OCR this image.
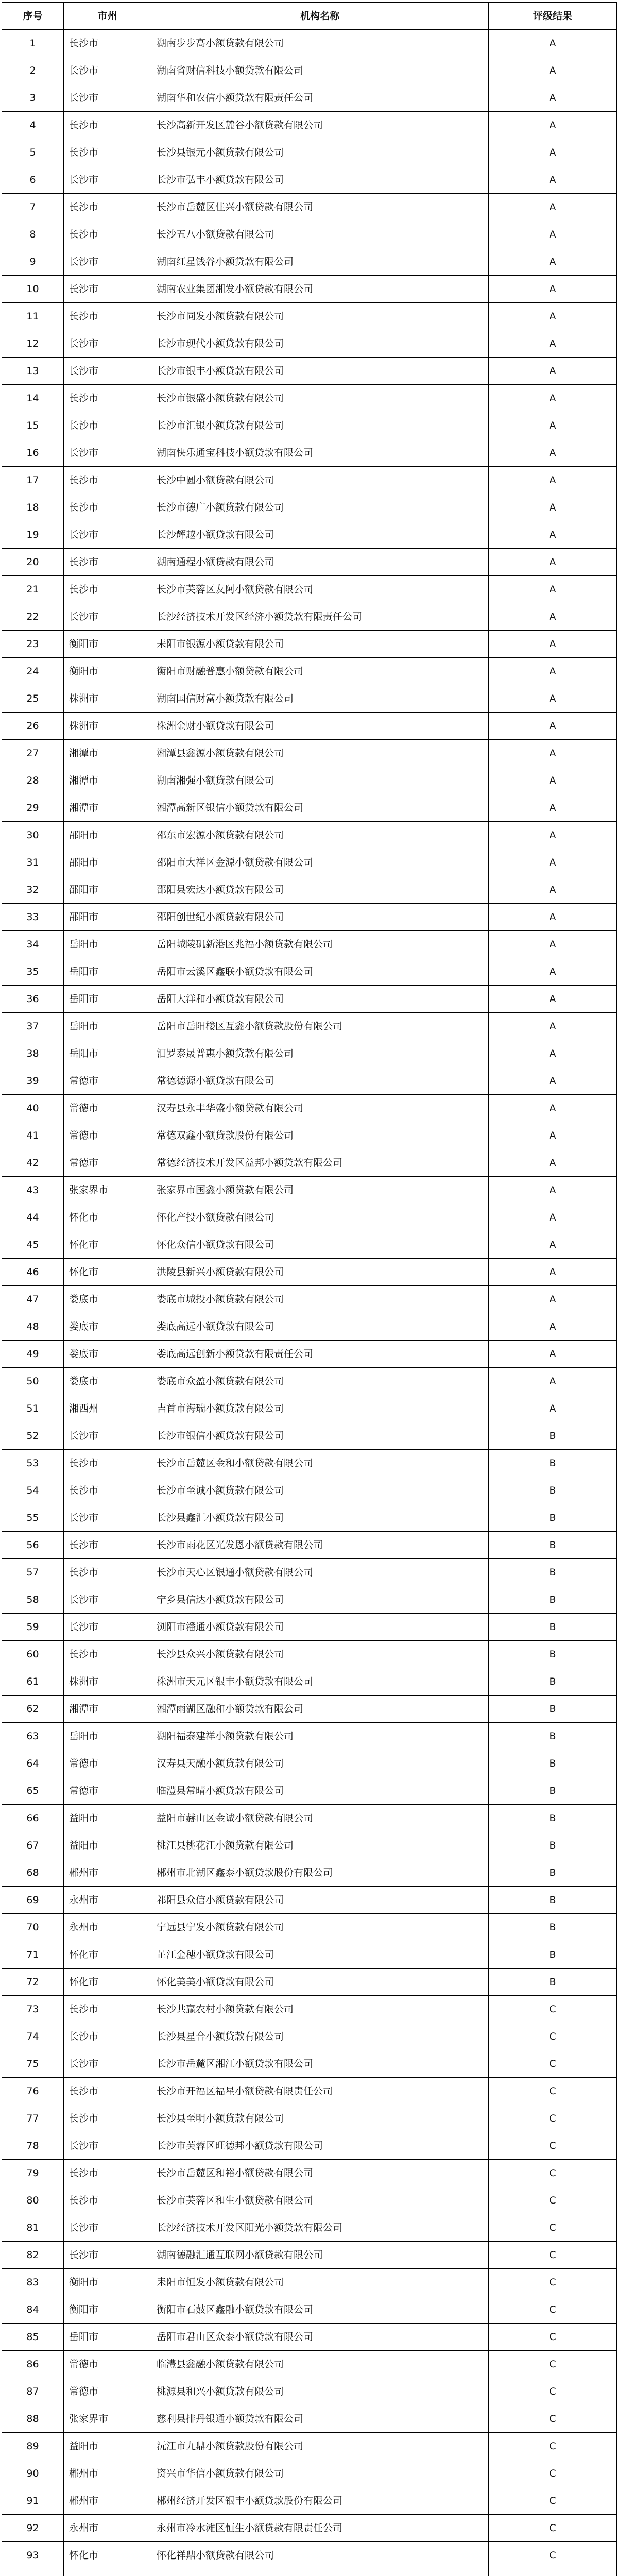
序号	市州	机构名称	评级结果
1	长沙市	湖南步步高小额贷款有限公司	A
2	长沙市	湖南省财信科技小额贷款有限公司	A
3	长沙市	湖南华和农信小额贷款有限责任公司	A
4	长沙市	长沙高新开发区麓谷小额贷款有限公司	A
5	长沙市	长沙县银元小额贷款有限公司	A
6	长沙市	长沙市弘丰小额贷款有限公司	A
7	长沙市	长沙市岳麓区佳兴小额贷款有限公司	A
8	长沙市	长沙五八小额贷款有限公司	A
9	长沙市	湖南红星钱谷小额贷款有限公司	A
10	长沙市	湖南农业集团湘发小额贷款有限公司	A
11	长沙市	长沙市同发小额贷款有限公司	A
12	长沙市	长沙市现代小额贷款有限公司	A
13	长沙市	长沙市银丰小额贷款有限公司	A
14	长沙市	长沙市银盛小额贷款有限公司	A
15	长沙市	长沙市汇银小额贷款有限公司	A
16	长沙市	湖南快乐通宝科技小额贷款有限公司	A
17	长沙市	长沙中圆小额贷款有限公司	A
18	长沙市	长沙市德广小额贷款有限公司	A
19	长沙市	长沙辉越小额贷款有限公司	A
20	长沙市	湖南通程小额贷款有限公司	A
21	长沙市	长沙市芙蓉区友阿小额贷款有限公司	A
22	长沙市	长沙经济技术开发区经济小额贷款有限责任公司	A
23	衡阳市	耒阳市银源小额贷款有限公司	A
24	衡阳市	衡阳市财融普惠小额贷款有限公司	A
25	株洲市	湖南国信财富小额贷款有限公司	A
26	株洲市	株洲金财小额贷款有限公司	A
27	湘潭市	湘潭县鑫源小额贷款有限公司	A
28	湘潭市	湖南湘强小额贷款有限公司	A
29	湘潭市	湘潭高新区银信小额贷款有限公司	A
30	邵阳市	邵东市宏源小额贷款有限公司	A
31	邵阳市	邵阳市大祥区金源小额贷款有限公司	A
32	邵阳市	邵阳县宏达小额贷款有限公司	A
33	邵阳市	邵阳创世纪小额贷款有限公司	A
34	岳阳市	岳阳城陵矶新港区兆福小额贷款有限公司	A
35	岳阳市	岳阳市云溪区鑫联小额贷款有限公司	A
36	岳阳市	岳阳大洋和小额贷款有限公司	A
37	岳阳市	岳阳市岳阳楼区互鑫小额贷款股份有限公司	A
38	岳阳市	汨罗泰晟普惠小额贷款有限公司	A
39	常德市	常德德源小额贷款有限公司	A
40	常德市	汉寿县永丰华盛小额贷款有限公司	A
41	常德市	常德双鑫小额贷款股份有限公司	A
42	常德市	常德经济技术开发区益邦小额贷款有限公司	A
43	张家界市	张家界市国鑫小额贷款有限公司	A
44	怀化市	怀化产投小额贷款有限公司	A
45	怀化市	怀化众信小额贷款有限公司	A
46	怀化市	洪陵县新兴小额贷款有限公司	A
47	娄底市	娄底市城投小额贷款有限公司	A
48	娄底市	娄底高远小额贷款有限公司	A
49	娄底市	娄底高远创新小额贷款有限责任公司	A
50	娄底市	娄底市众盈小额贷款有限公司	A
51	湘西州	吉首市海瑞小额贷款有限公司	A
52	长沙市	长沙市银信小额贷款有限公司	B
53	长沙市	长沙市岳麓区金和小额贷款有限公司	B
54	长沙市	长沙市至诚小额贷款有限公司	B
55	长沙市	长沙县鑫汇小额贷款有限公司	B
56	长沙市	长沙市雨花区光发恩小额贷款有限公司	B
57	长沙市	长沙市天心区银通小额贷款有限公司	B
58	长沙市	宁乡县信达小额贷款有限公司	B
59	长沙市	浏阳市潘通小额贷款有限公司	B
60	长沙市	长沙县众兴小额贷款有限公司	B
61	株洲市	株洲市天元区银丰小额贷款有限公司	B
62	湘潭市	湘潭雨湖区融和小额贷款有限公司	B
63	岳阳市	湖阳福泰建祥小额贷款有限公司	B
64	常德市	汉寿县天融小额贷款有限公司	B
65	常德市	临澧县常晴小额贷款有限公司	B
66	益阳市	益阳市赫山区金诚小额贷款有限公司	B
67	益阳市	桃江县桃花江小额贷款有限公司	B
68	郴州市	郴州市北湖区鑫泰小额贷款股份有限公司	B
69	永州市	祁阳县众信小额贷款有限公司	B
70	永州市	宁远县宁发小额贷款有限公司	B
71	怀化市	芷江金穗小额贷款有限公司	B
72	怀化市	怀化美美小额贷款有限公司	B
73	长沙市	长沙共赢农村小额贷款有限公司	C
74	长沙市	长沙县星合小额贷款有限公司	C
75	长沙市	长沙市岳麓区湘江小额贷款有限公司	C
76	长沙市	长沙市开福区福星小额贷款有限责任公司	C
77	长沙市	长沙县至明小额贷款有限公司	C
78	长沙市	长沙市芙蓉区旺德邦小额贷款有限公司	C
79	长沙市	长沙市岳麓区和裕小额贷款有限公司	C
80	长沙市	长沙市芙蓉区和生小额贷款有限公司	C
81	长沙市	长沙经济技术开发区阳光小额贷款有限公司	C
82	长沙市	湖南德融汇通互联网小额贷款有限公司	C
83	衡阳市	耒阳市恒发小额贷款有限公司	C
84	衡阳市	衡阳市石鼓区鑫融小额贷款有限公司	C
85	岳阳市	岳阳市君山区众泰小额贷款有限公司	C
86	常德市	临澧县鑫融小额贷款有限公司	C
87	常德市	桃源县和兴小额贷款有限公司	C
88	张家界市	慈利县排丹银通小额贷款有限公司	C
89	益阳市	沅江市九鼎小额贷款股份有限公司	C
90	郴州市	资兴市华信小额贷款有限公司	C
91	郴州市	郴州经济开发区银丰小额贷款股份有限公司	C
92	永州市	永州市冷水滩区恒生小额贷款有限责任公司	C
93	怀化市	怀化祥鼎小额贷款有限公司	C
